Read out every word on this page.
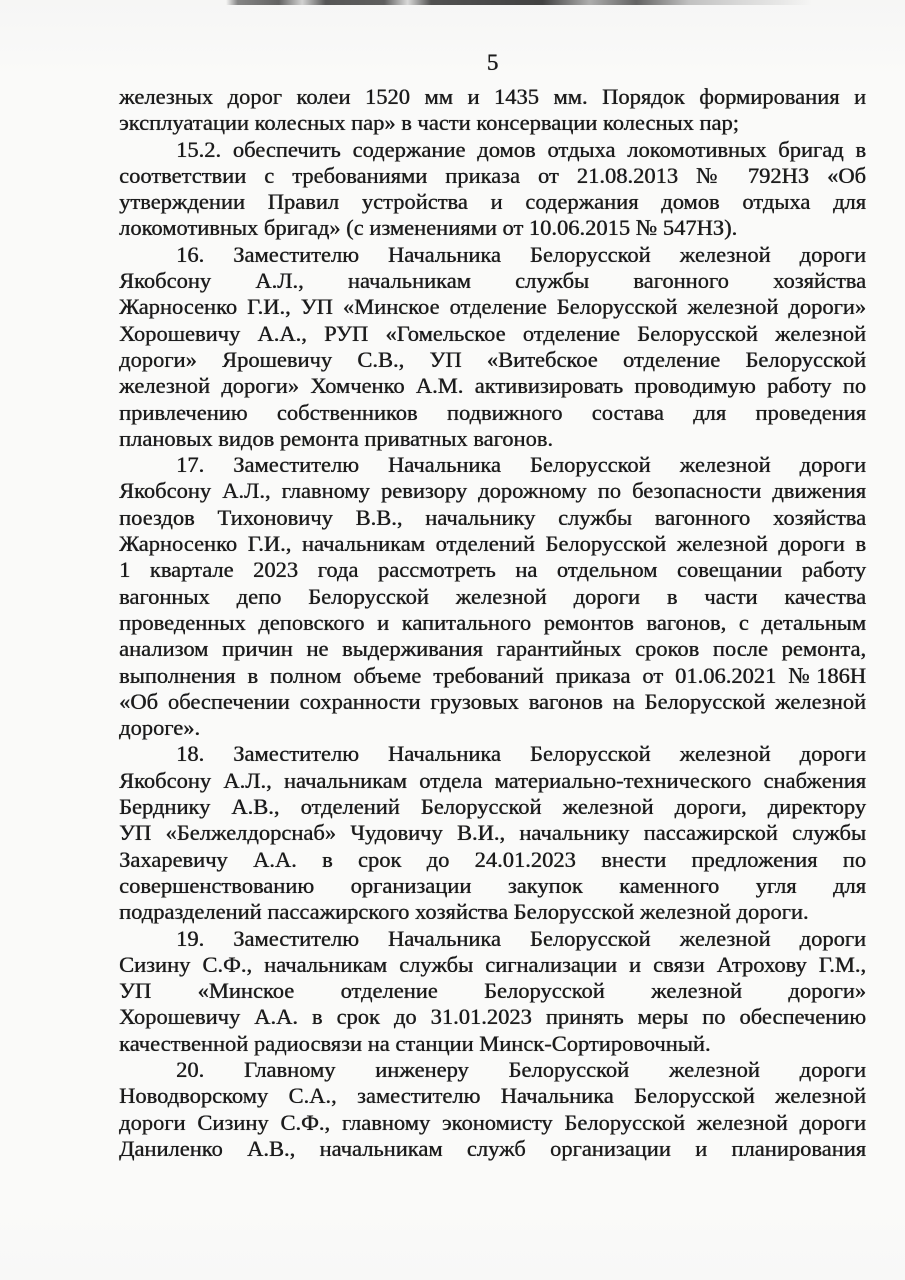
5
железных дорог колеи 1520 мм и 1435 мм. Порядок формирования и
эксплуатации колесных пар» в части консервации колесных пар;
15.2. обеспечить содержание домов отдыха локомотивных бригад в
соответствии с требованиями приказа от 21.08.2013 № 792НЗ «Об
утверждении Правил устройства и содержания домов отдыха для
локомотивных бригад» (с изменениями от 10.06.2015 № 547НЗ).
16. Заместителю Начальника Белорусской железной дороги
Якобсону А.Л., начальникам службы вагонного хозяйства
Жарносенко Г.И., УП «Минское отделение Белорусской железной дороги»
Хорошевичу А.А., РУП «Гомельское отделение Белорусской железной
дороги» Ярошевичу С.В., УП «Витебское отделение Белорусской
железной дороги» Хомченко А.М. активизировать проводимую работу по
привлечению собственников подвижного состава для проведения
плановых видов ремонта приватных вагонов.
17. Заместителю Начальника Белорусской железной дороги
Якобсону А.Л., главному ревизору дорожному по безопасности движения
поездов Тихоновичу В.В., начальнику службы вагонного хозяйства
Жарносенко Г.И., начальникам отделений Белорусской железной дороги в
1 квартале 2023 года рассмотреть на отдельном совещании работу
вагонных депо Белорусской железной дороги в части качества
проведенных деповского и капитального ремонтов вагонов, с детальным
анализом причин не выдерживания гарантийных сроков после ремонта,
выполнения в полном объеме требований приказа от 01.06.2021 №186Н
«Об обеспечении сохранности грузовых вагонов на Белорусской железной
дороге».
18. Заместителю Начальника Белорусской железной дороги
Якобсону А.Л., начальникам отдела материально-технического снабжения
Берднику А.В., отделений Белорусской железной дороги, директору
УП «Белжелдорснаб» Чудовичу В.И., начальнику пассажирской службы
Захаревичу А.А. в срок до 24.01.2023 внести предложения по
совершенствованию организации закупок каменного угля для
подразделений пассажирского хозяйства Белорусской железной дороги.
19. Заместителю Начальника Белорусской железной дороги
Сизину С.Ф., начальникам службы сигнализации и связи Атрохову Г.М.,
УП «Минское отделение Белорусской железной дороги»
Хорошевичу А.А. в срок до 31.01.2023 принять меры по обеспечению
качественной радиосвязи на станции Минск-Сортировочный.
20. Главному инженеру Белорусской железной дороги
Новодворскому С.А., заместителю Начальника Белорусской железной
дороги Сизину С.Ф., главному экономисту Белорусской железной дороги
Даниленко А.В., начальникам служб организации и планирования
